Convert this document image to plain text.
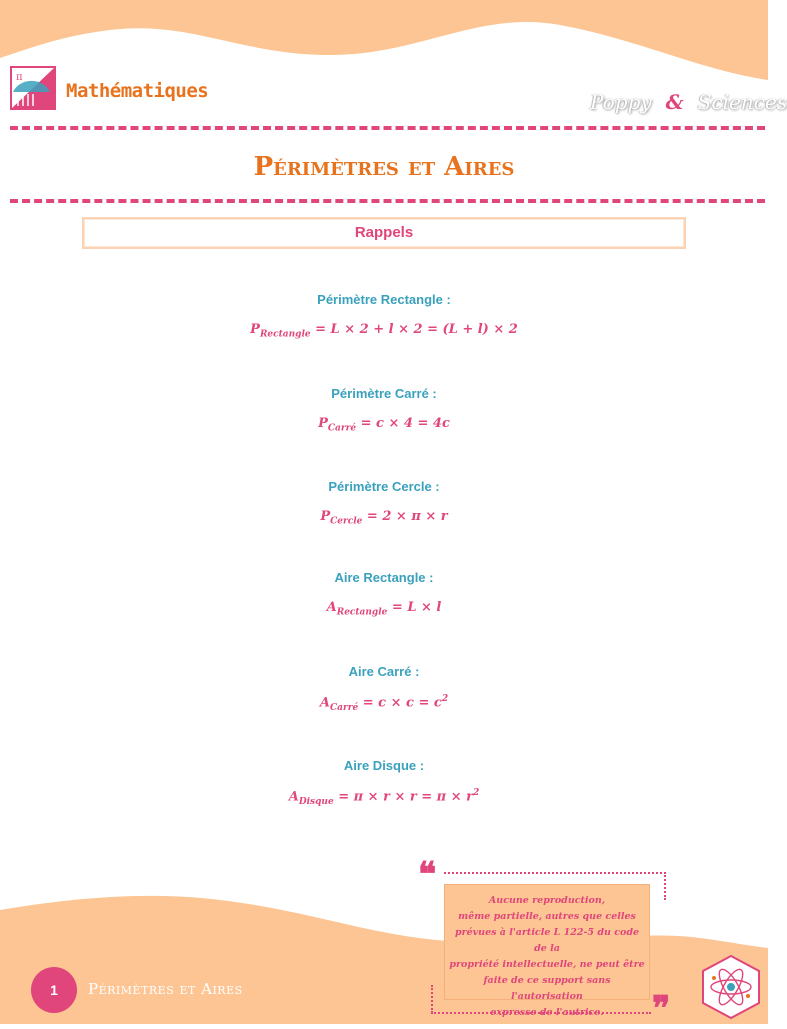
π
Mathématiques	Poppy & Sciences
Périmètres et Aires
Rappels
Périmètre Rectangle :
$P_{Rectangle} = L \times 2 + l \times 2 = (L + l) \times 2$
Périmètre Carré :
$P_{Carré} = c \times 4 = 4c$
Périmètre Cercle :
$P_{Cercle} = 2 \times \pi \times r$
Aire Rectangle :
$A_{Rectangle} = L \times l$
Aire Carré :
$A_{Carré} = c \times c = c^2$
Aire Disque :
$A_{Disque} = \pi \times r \times r = \pi \times r^2$
❝
❞
Aucune reproduction,
même partielle, autres que celles
prévues à l'article L 122-5 du code de la
propriété intellectuelle, ne peut être
faite de ce support sans l'autorisation
expresse de l'autrice.
1	Périmètres et Aires
